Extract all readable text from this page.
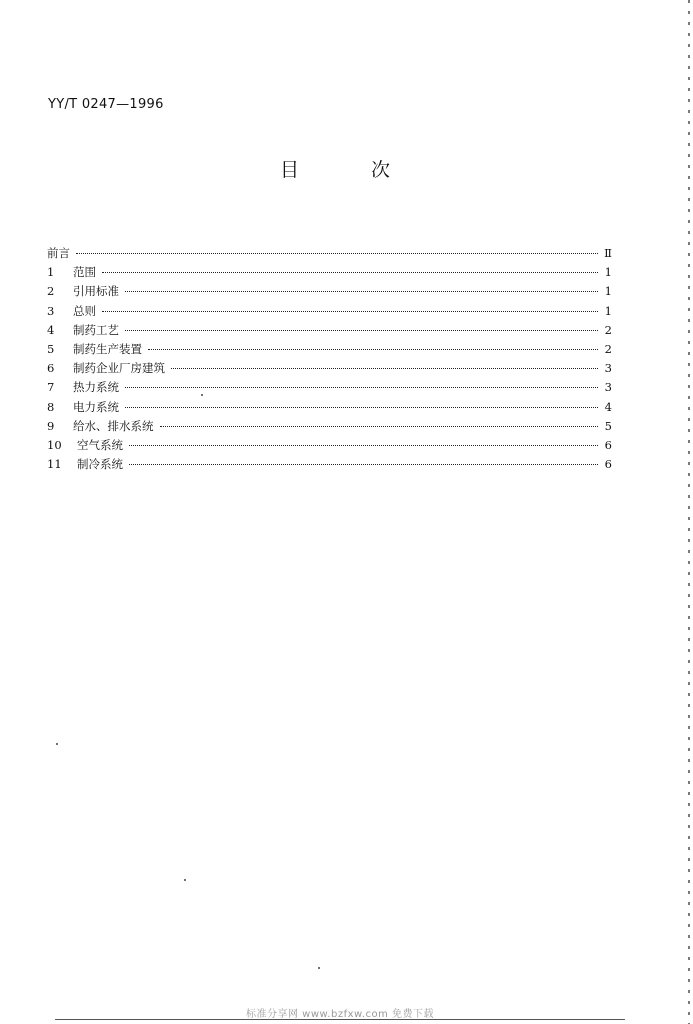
YY/T 0247—1996
目	次
前言	Ⅱ
1	范围	1
2	引用标准	1
3	总则	1
4	制药工艺	2
5	制药生产装置	2
6	制药企业厂房建筑	3
7	热力系统	3
8	电力系统	4
9	给水、排水系统	5
10	空气系统	6
11	制冷系统	6
标准分享网 www.bzfxw.com 免费下载
